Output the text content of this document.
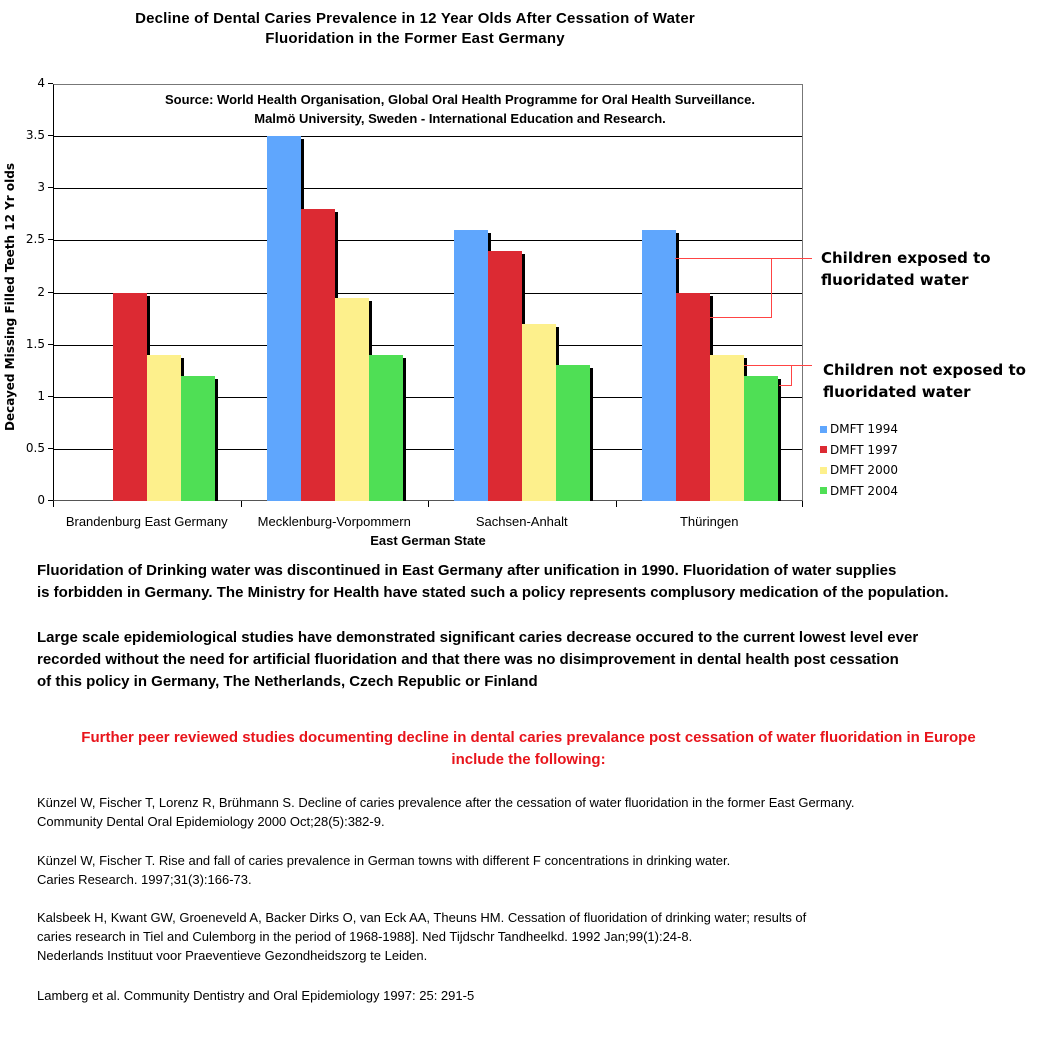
Decline of Dental Caries Prevalence in 12 Year Olds After Cessation of Water
Fluoridation in the Former East Germany
Decayed Missing Filled Teeth 12 Yr olds
Source: World Health Organisation, Global Oral Health Programme for Oral Health Surveillance.
Malmö University, Sweden - International Education and Research.
Brandenburg East Germany	Mecklenburg-Vorpommern	Sachsen-Anhalt	Thüringen
East German State
Children exposed to
fluoridated water
Children not exposed to
fluoridated water
DMFT 1994
DMFT 1997
DMFT 2000
DMFT 2004
Fluoridation of Drinking water was discontinued in East Germany after unification in 1990. Fluoridation of water supplies
is forbidden in Germany. The Ministry for Health have stated such a policy represents complusory medication of the population.
Large scale epidemiological studies have demonstrated significant caries decrease occured to the current lowest level ever
recorded without the need for artificial fluoridation and that there was no disimprovement in dental health post cessation
of this policy in Germany, The Netherlands, Czech Republic or Finland
Further peer reviewed studies documenting decline in dental caries prevalance post cessation of water fluoridation in Europe
include the following:
Künzel W, Fischer T, Lorenz R, Brühmann S. Decline of caries prevalence after the cessation of water fluoridation in the former East Germany.
Community Dental Oral Epidemiology 2000 Oct;28(5):382-9.
Künzel W, Fischer T. Rise and fall of caries prevalence in German towns with different F concentrations in drinking water.
Caries Research. 1997;31(3):166-73.
Kalsbeek H, Kwant GW, Groeneveld A, Backer Dirks O, van Eck AA, Theuns HM. Cessation of fluoridation of drinking water; results of
caries research in Tiel and Culemborg in the period of 1968-1988]. Ned Tijdschr Tandheelkd. 1992 Jan;99(1):24-8.
Nederlands Instituut voor Praeventieve Gezondheidszorg te Leiden.
Lamberg et al. Community Dentistry and Oral Epidemiology 1997: 25: 291-5
0
0.5
1
1.5
2
2.5
3
3.5
4
